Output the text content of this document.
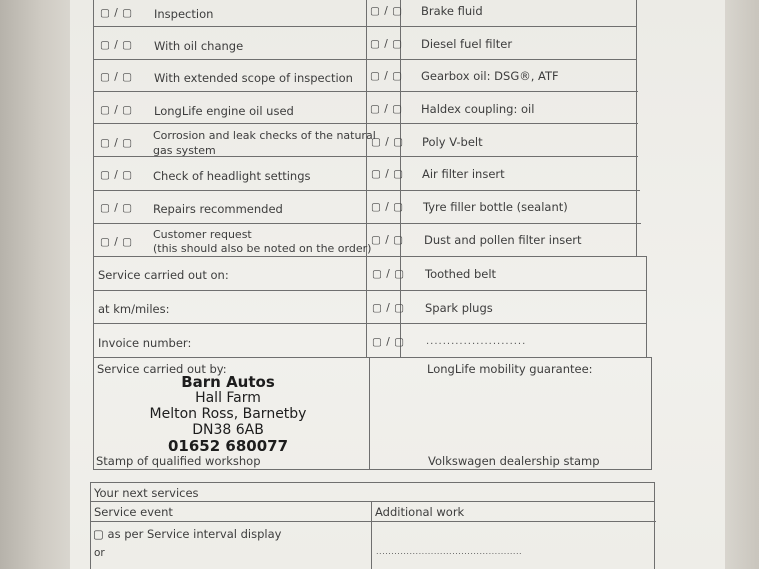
▢ / ▢ Inspection
▢ / ▢ With oil change
▢ / ▢ With extended scope of inspection
▢ / ▢ LongLife engine oil used
▢ / ▢
Corrosion and leak checks of the natural
gas system
▢ / ▢ Check of headlight settings
▢ / ▢ Repairs recommended
▢ / ▢
Customer request
(this should also be noted on the order)
Service carried out on:
at km/miles:
Invoice number:
Service carried out by:
Stamp of qualified workshop
Barn Autos
Hall Farm
Melton Ross, Barnetby
DN38 6AB
01652 680077
▢ / ▢ Brake fluid
▢ / ▢ Diesel fuel filter
▢ / ▢ Gearbox oil: DSG®, ATF
▢ / ▢ Haldex coupling: oil
▢ / ▢ Poly V-belt
▢ / ▢ Air filter insert
▢ / ▢ Tyre filler bottle (sealant)
▢ / ▢ Dust and pollen filter insert
▢ / ▢ Toothed belt
▢ / ▢ Spark plugs
▢ / ▢ ........................
LongLife mobility guarantee:
Volkswagen dealership stamp
Your next services
Service event	Additional work
▢ as per Service interval display
or	................................................
